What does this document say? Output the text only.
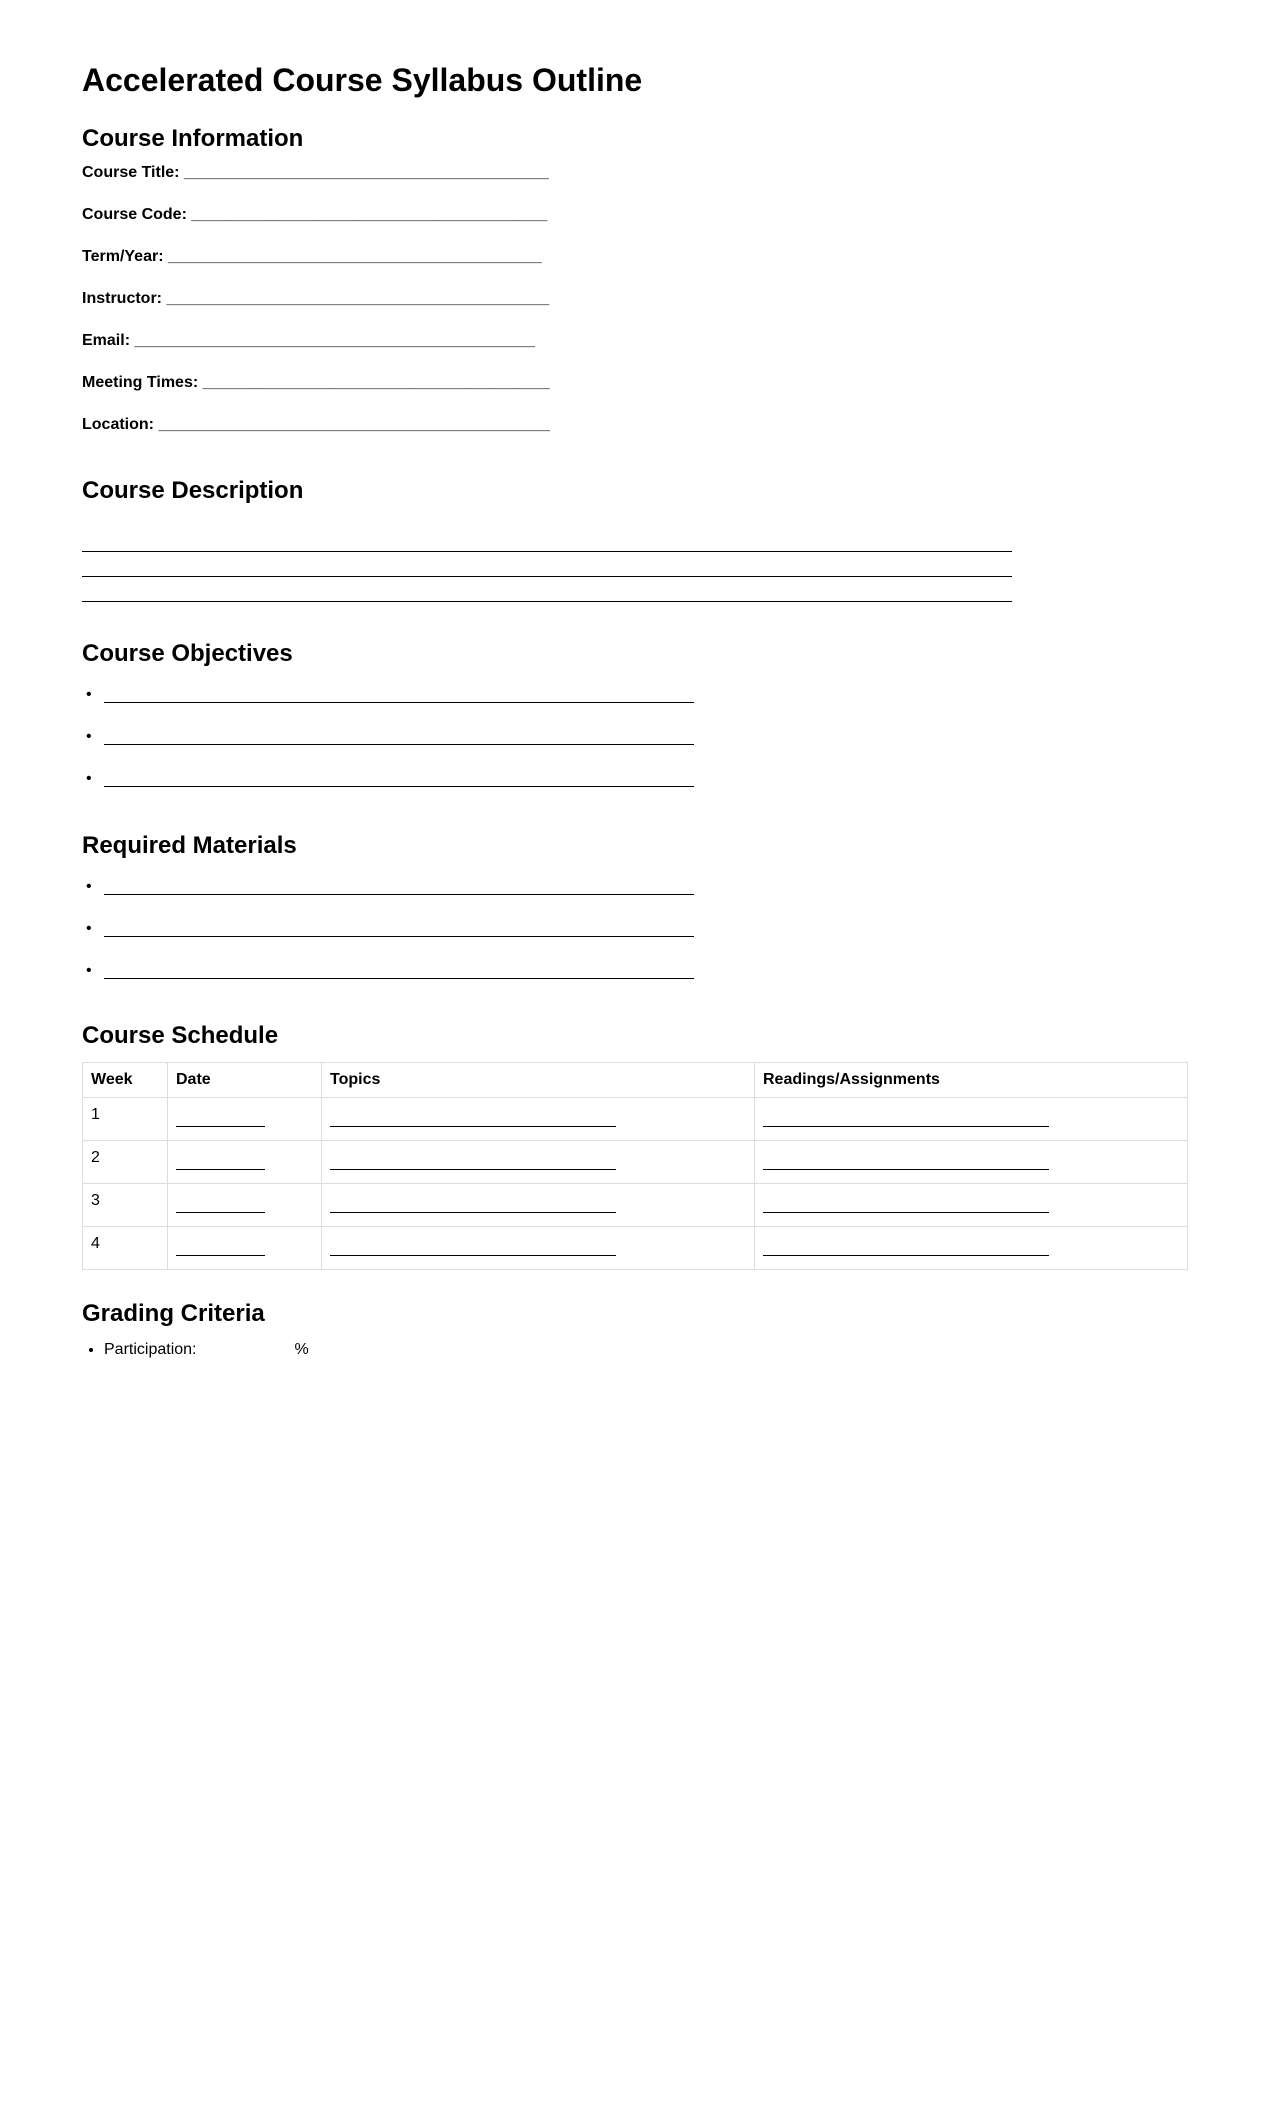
Accelerated Course Syllabus Outline
Course Information
Course Title: _________________________________________
Course Code: ________________________________________
Term/Year: __________________________________________
Instructor: ___________________________________________
Email: _____________________________________________
Meeting Times: _______________________________________
Location: ____________________________________________
Course Description
Course Objectives
•
•
•
Required Materials
•
•
•
Course Schedule
Week	Date	Topics	Readings/Assignments
1			
2			
3			
4			
Grading Criteria
• Participation:	%
